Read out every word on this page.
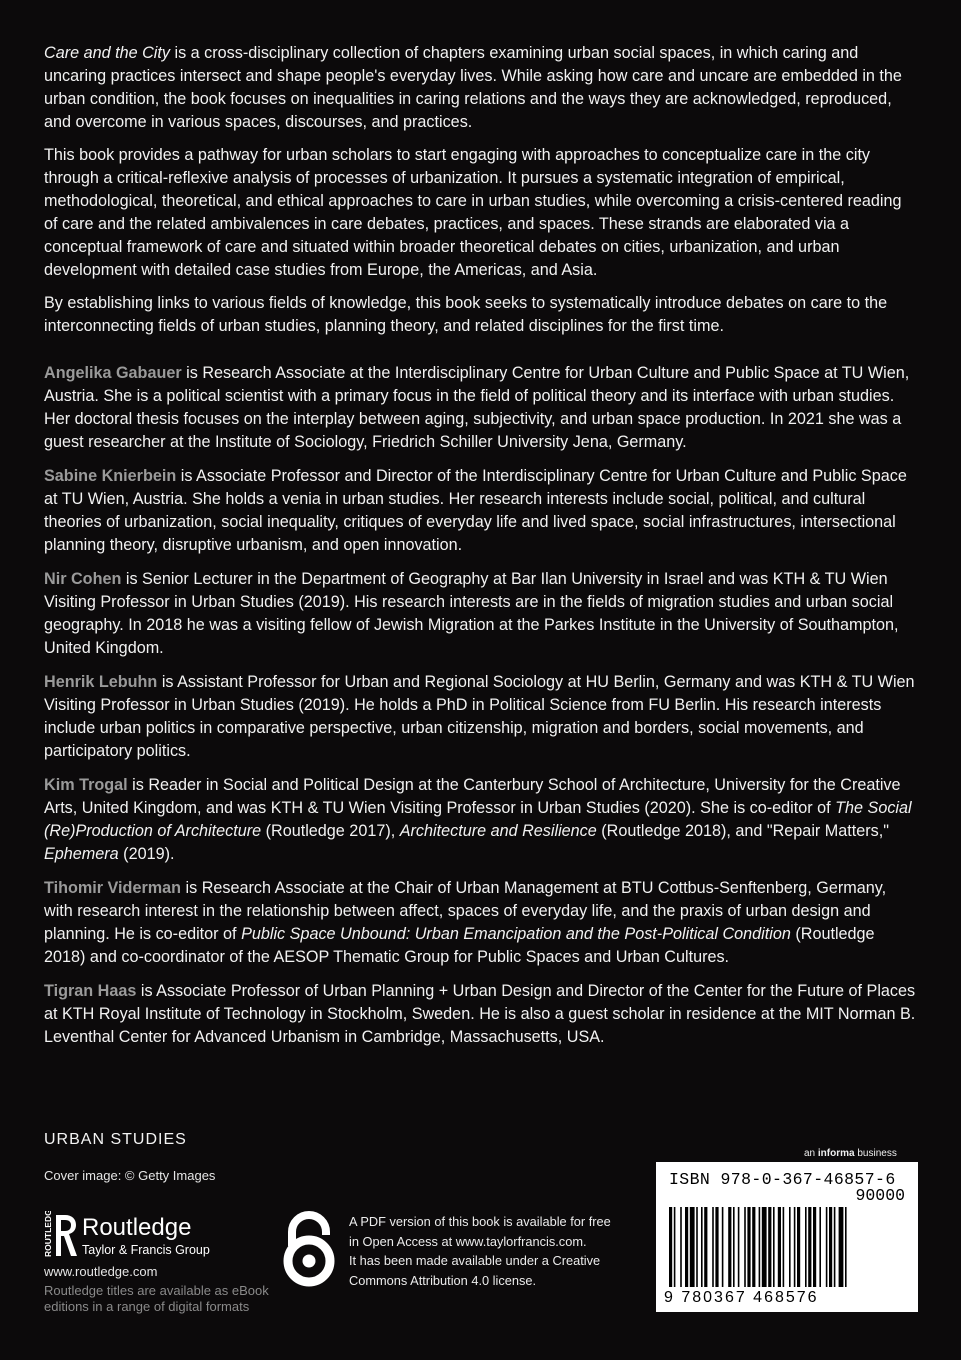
Care and the City is a cross-disciplinary collection of chapters examining urban social spaces, in which caring and uncaring practices intersect and shape people's everyday lives. While asking how care and uncare are embedded in the urban condition, the book focuses on inequalities in caring relations and the ways they are acknowledged, reproduced, and overcome in various spaces, discourses, and practices.

This book provides a pathway for urban scholars to start engaging with approaches to conceptualize care in the city through a critical-reflexive analysis of processes of urbanization. It pursues a systematic integration of empirical, methodological, theoretical, and ethical approaches to care in urban studies, while overcoming a crisis-centered reading of care and the related ambivalences in care debates, practices, and spaces. These strands are elaborated via a conceptual framework of care and situated within broader theoretical debates on cities, urbanization, and urban development with detailed case studies from Europe, the Americas, and Asia.

By establishing links to various fields of knowledge, this book seeks to systematically introduce debates on care to the interconnecting fields of urban studies, planning theory, and related disciplines for the first time.

Angelika Gabauer is Research Associate at the Interdisciplinary Centre for Urban Culture and Public Space at TU Wien, Austria. She is a political scientist with a primary focus in the field of political theory and its interface with urban studies. Her doctoral thesis focuses on the interplay between aging, subjectivity, and urban space production. In 2021 she was a guest researcher at the Institute of Sociology, Friedrich Schiller University Jena, Germany.

Sabine Knierbein is Associate Professor and Director of the Interdisciplinary Centre for Urban Culture and Public Space at TU Wien, Austria. She holds a venia in urban studies. Her research interests include social, political, and cultural theories of urbanization, social inequality, critiques of everyday life and lived space, social infrastructures, intersectional planning theory, disruptive urbanism, and open innovation.

Nir Cohen is Senior Lecturer in the Department of Geography at Bar Ilan University in Israel and was KTH & TU Wien Visiting Professor in Urban Studies (2019). His research interests are in the fields of migration studies and urban social geography. In 2018 he was a visiting fellow of Jewish Migration at the Parkes Institute in the University of Southampton, United Kingdom.

Henrik Lebuhn is Assistant Professor for Urban and Regional Sociology at HU Berlin, Germany and was KTH & TU Wien Visiting Professor in Urban Studies (2019). He holds a PhD in Political Science from FU Berlin. His research interests include urban politics in comparative perspective, urban citizenship, migration and borders, social movements, and participatory politics.

Kim Trogal is Reader in Social and Political Design at the Canterbury School of Architecture, University for the Creative Arts, United Kingdom, and was KTH & TU Wien Visiting Professor in Urban Studies (2020). She is co-editor of The Social (Re)Production of Architecture (Routledge 2017), Architecture and Resilience (Routledge 2018), and "Repair Matters," Ephemera (2019).

Tihomir Viderman is Research Associate at the Chair of Urban Management at BTU Cottbus-Senftenberg, Germany, with research interest in the relationship between affect, spaces of everyday life, and the praxis of urban design and planning. He is co-editor of Public Space Unbound: Urban Emancipation and the Post-Political Condition (Routledge 2018) and co-coordinator of the AESOP Thematic Group for Public Spaces and Urban Cultures.

Tigran Haas is Associate Professor of Urban Planning + Urban Design and Director of the Center for the Future of Places at KTH Royal Institute of Technology in Stockholm, Sweden. He is also a guest scholar in residence at the MIT Norman B. Leventhal Center for Advanced Urbanism in Cambridge, Massachusetts, USA.

URBAN STUDIES
Cover image: © Getty Images
ROUTLEDGE Routledge
Taylor & Francis Group
www.routledge.com
Routledge titles are available as eBook editions in a range of digital formats
A PDF version of this book is available for free
in Open Access at www.taylorfrancis.com.
It has been made available under a Creative
Commons Attribution 4.0 license.
an informa business
ISBN 978-0-367-46857-6
90000
9 780367 468576
